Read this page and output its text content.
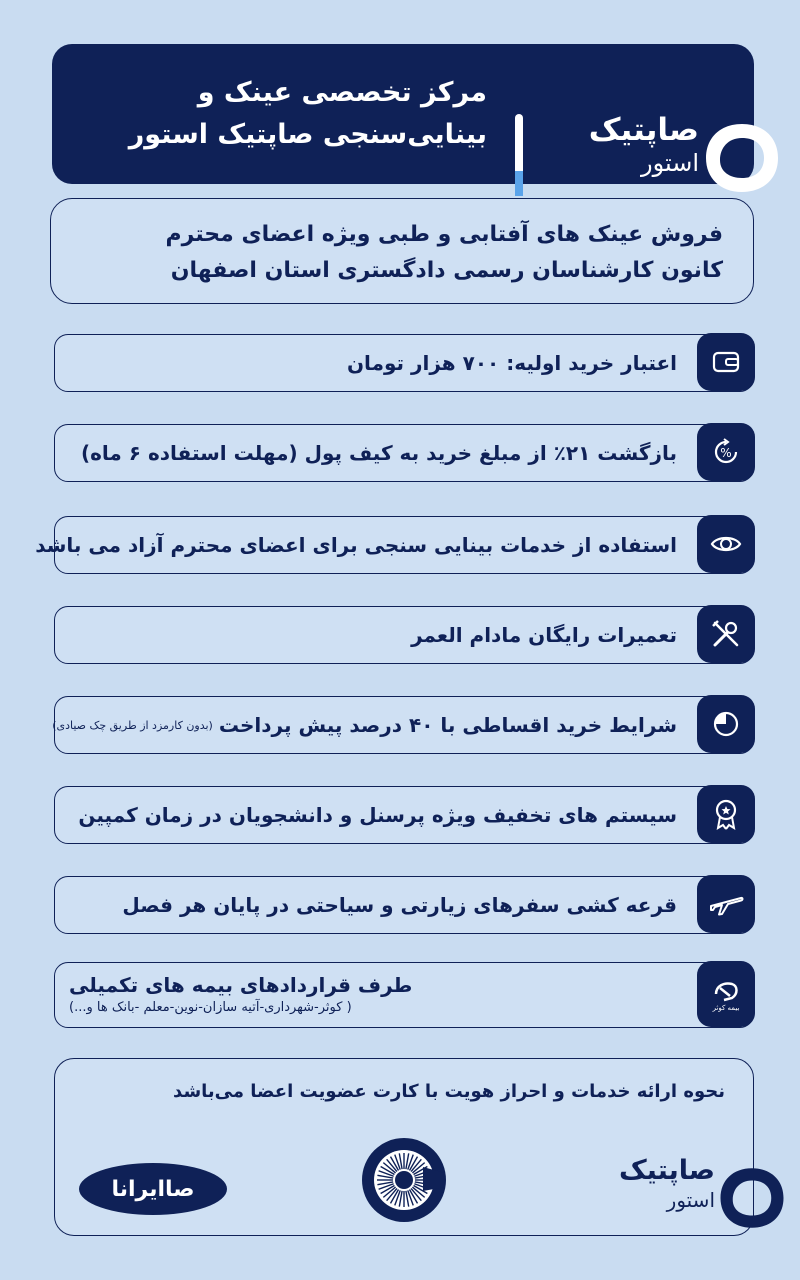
مرکز تخصصی عینک و
بینایی‌سنجی صاپتیک استور	صاپتیک
استور
فروش عینک های آفتابی و طبی ویژه اعضای محترم
کانون کارشناسان رسمی دادگستری استان اصفهان
اعتبار خرید اولیه: ۷۰۰ هزار تومان
بازگشت ۲۱٪ از مبلغ خرید به کیف پول (مهلت استفاده ۶ ماه)	%
استفاده از خدمات بینایی سنجی برای اعضای محترم آزاد می باشد
تعمیرات رایگان مادام العمر
شرایط خرید اقساطی با ۴۰ درصد پیش پرداخت
(بدون کارمزد از طریق چک صیادی)
سیستم های تخفیف ویژه پرسنل و دانشجویان در زمان کمپین
قرعه کشی سفرهای زیارتی و سیاحتی در پایان هر فصل
طرف قراردادهای بیمه های تکمیلی
( کوثر-شهرداری-آتیه سازان-نوین-معلم -بانک ها و...)	بیمه کوثر
نحوه ارائه خدمات و احراز هویت با کارت عضویت اعضا می‌باشد
صاپتیک
استور
صاایرانا
